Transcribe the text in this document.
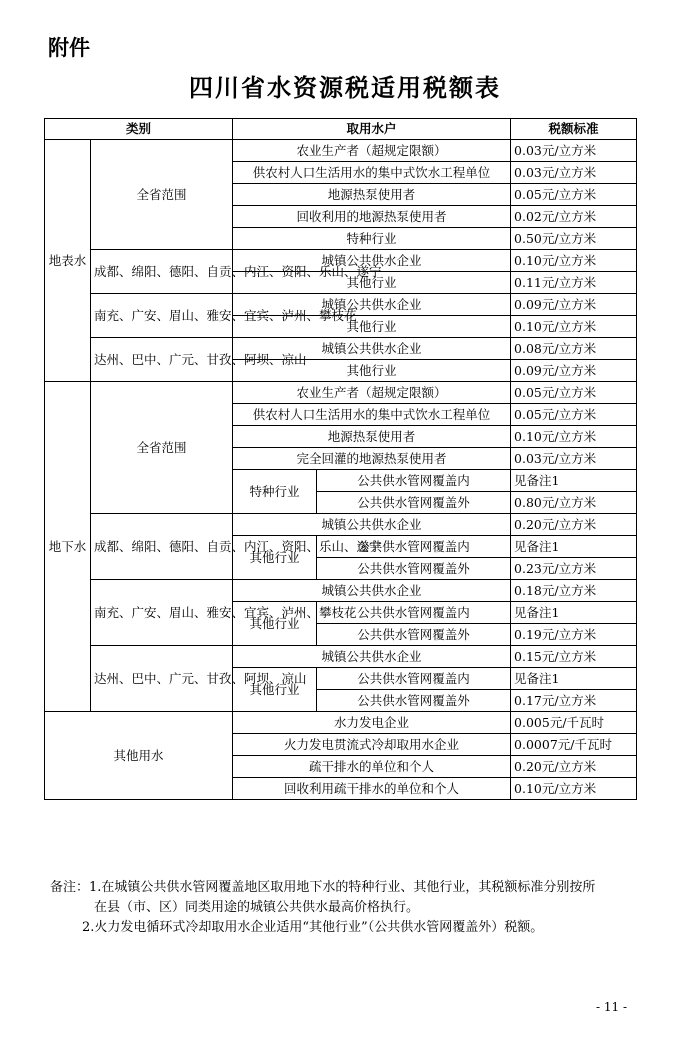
附件
四川省水资源税适用税额表
类别		取用水户		税额标准
地表水	全省范围	农业生产者（超规定限额）		0.03元/立方米
		供农村人口生活用水的集中式饮水工程单位		0.03元/立方米
		地源热泵使用者		0.05元/立方米
		回收利用的地源热泵使用者		0.02元/立方米
		特种行业		0.50元/立方米
	成都、绵阳、德阳、自贡、内江、资阳、乐山、遂宁	城镇公共供水企业		0.10元/立方米
		其他行业		0.11元/立方米

	南充、广安、眉山、雅安、宜宾、泸州、攀枝花	城镇公共供水企业		0.09元/立方米
		其他行业		0.10元/立方米

	达州、巴中、广元、甘孜、阿坝、凉山	城镇公共供水企业		0.08元/立方米
		其他行业		0.09元/立方米
地下水	全省范围	农业生产者（超规定限额）		0.05元/立方米
		供农村人口生活用水的集中式饮水工程单位		0.05元/立方米
		地源热泵使用者		0.10元/立方米
		完全回灌的地源热泵使用者		0.03元/立方米
		特种行业	公共供水管网覆盖内	见备注1
			公共供水管网覆盖外	0.80元/立方米
	成都、绵阳、德阳、自贡、内江、资阳、乐山、遂宁	城镇公共供水企业		0.20元/立方米
		其他行业	公共供水管网覆盖内	见备注1
			公共供水管网覆盖外	0.23元/立方米
	南充、广安、眉山、雅安、宜宾、泸州、攀枝花	城镇公共供水企业		0.18元/立方米
		其他行业	公共供水管网覆盖内	见备注1
			公共供水管网覆盖外	0.19元/立方米
	达州、巴中、广元、甘孜、阿坝、凉山	城镇公共供水企业		0.15元/立方米
		其他行业	公共供水管网覆盖内	见备注1
			公共供水管网覆盖外	0.17元/立方米
其他用水		水力发电企业		0.005元/千瓦时
		火力发电贯流式冷却取用水企业		0.0007元/千瓦时
		疏干排水的单位和个人		0.20元/立方米
		回收利用疏干排水的单位和个人		0.10元/立方米
备注：1.在城镇公共供水管网覆盖地区取用地下水的特种行业、其他行业，其税额标准分别按所
在县（市、区）同类用途的城镇公共供水最高价格执行。
2.火力发电循环式冷却取用水企业适用“其他行业”（公共供水管网覆盖外）税额。
- 11 -
